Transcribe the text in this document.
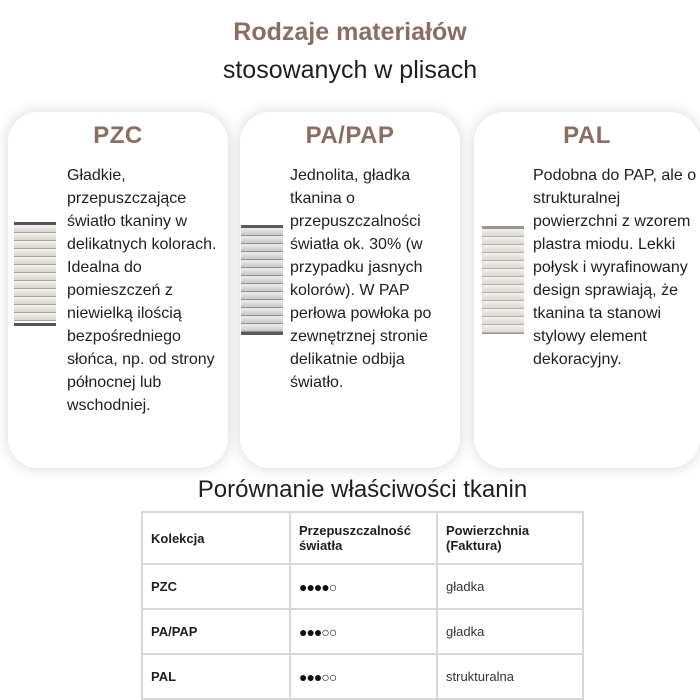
Rodzaje materiałów
stosowanych w plisach
PZC
Gładkie, przepuszczające światło tkaniny w delikatnych kolorach. Idealna do pomieszczeń z niewielką ilością bezpośredniego słońca, np. od strony północnej lub wschodniej.
PA/PAP
Jednolita, gładka tkanina o przepuszczalności światła ok. 30% (w przypadku jasnych kolorów). W PAP perłowa powłoka po zewnętrznej stronie delikatnie odbija światło.
PAL
Podobna do PAP, ale o strukturalnej powierzchni z wzorem plastra miodu. Lekki połysk i wyrafinowany design sprawiają, że tkanina ta stanowi stylowy element dekoracyjny.
Porównanie właściwości tkanin
Kolekcja	Przepuszczalność światła	Powierzchnia (Faktura)
PZC	●●●●○	gładka
PA/PAP	●●●○○	gładka
PAL	●●●○○	strukturalna
